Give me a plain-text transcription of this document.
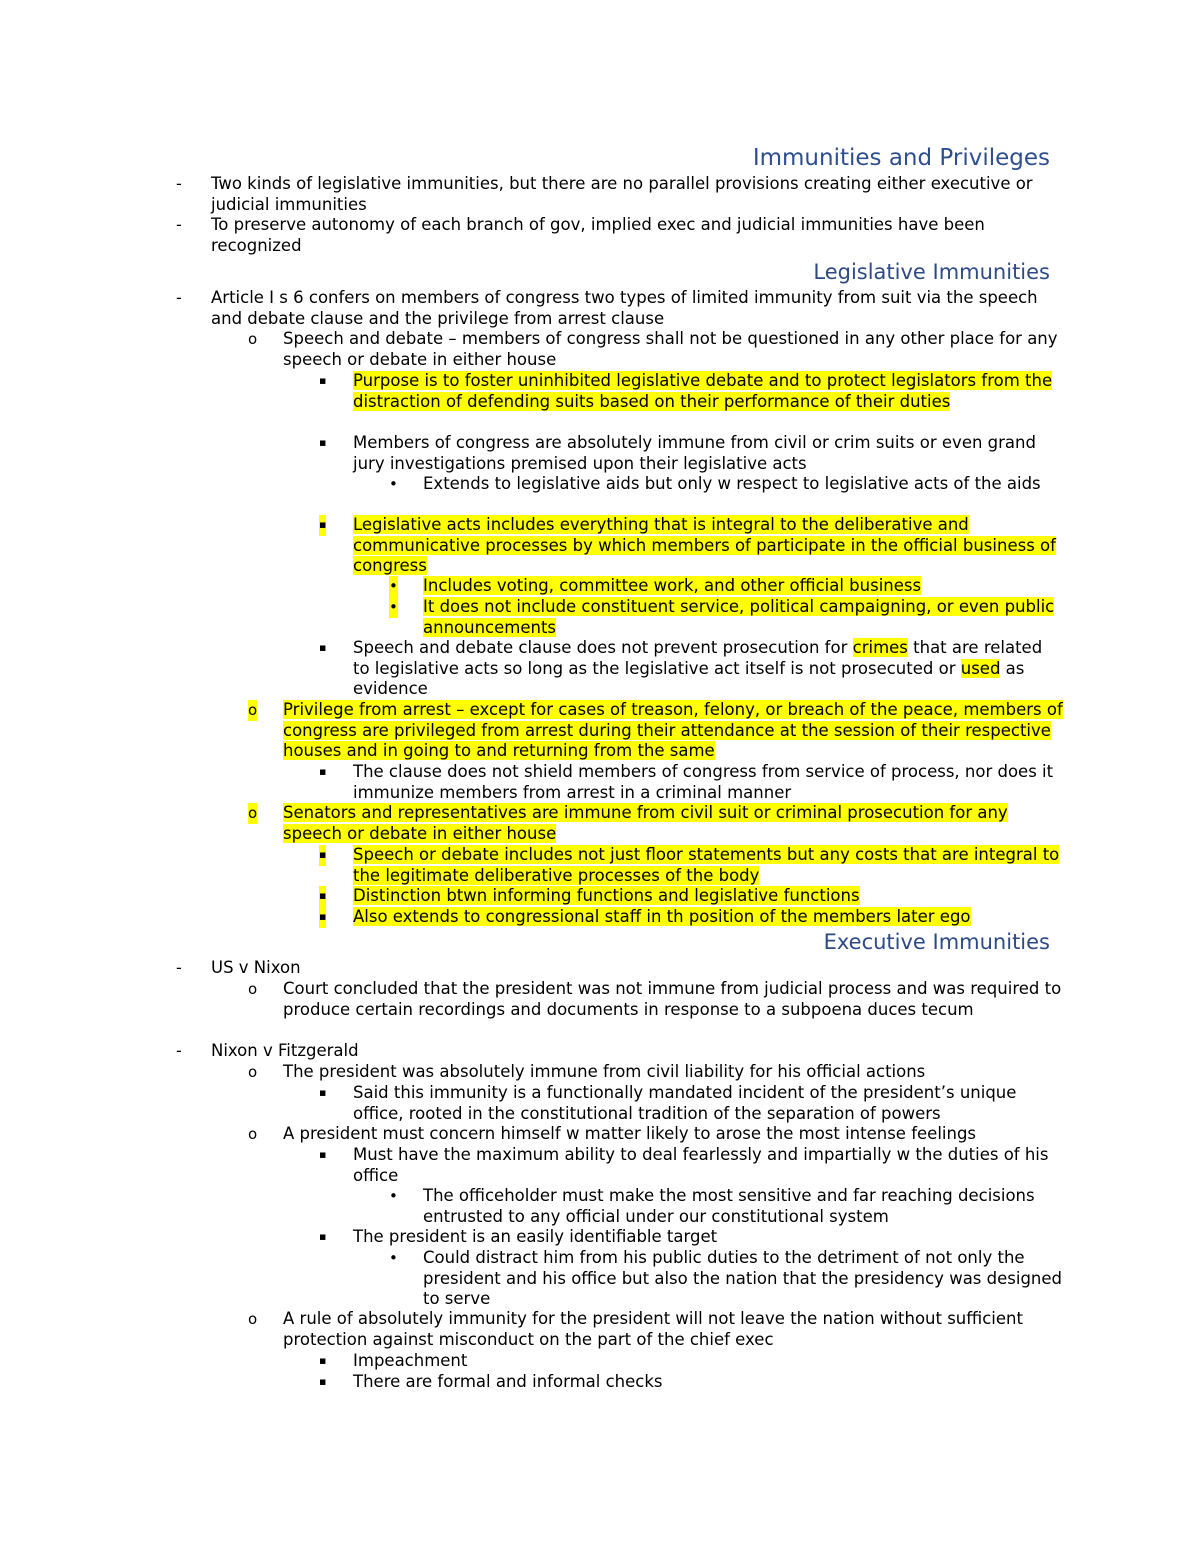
Immunities and Privileges
- Two kinds of legislative immunities, but there are no parallel provisions creating either executive or judicial immunities
- To preserve autonomy of each branch of gov, implied exec and judicial immunities have been recognized
Legislative Immunities
- Article I s 6 confers on members of congress two types of limited immunity from suit via the speech and debate clause and the privilege from arrest clause
o Speech and debate – members of congress shall not be questioned in any other place for any speech or debate in either house
▪ Purpose is to foster uninhibited legislative debate and to protect legislators from the distraction of defending suits based on their performance of their duties
▪ Members of congress are absolutely immune from civil or crim suits or even grand jury investigations premised upon their legislative acts
• Extends to legislative aids but only w respect to legislative acts of the aids
▪ Legislative acts includes everything that is integral to the deliberative and communicative processes by which members of participate in the official business of congress
• Includes voting, committee work, and other official business
• It does not include constituent service, political campaigning, or even public announcements
▪ Speech and debate clause does not prevent prosecution for crimes that are related to legislative acts so long as the legislative act itself is not prosecuted or used as evidence
o Privilege from arrest – except for cases of treason, felony, or breach of the peace, members of congress are privileged from arrest during their attendance at the session of their respective houses and in going to and returning from the same
▪ The clause does not shield members of congress from service of process, nor does it immunize members from arrest in a criminal manner
o Senators and representatives are immune from civil suit or criminal prosecution for any speech or debate in either house
▪ Speech or debate includes not just floor statements but any costs that are integral to the legitimate deliberative processes of the body
▪ Distinction btwn informing functions and legislative functions
▪ Also extends to congressional staff in th position of the members later ego
Executive Immunities
- US v Nixon
o Court concluded that the president was not immune from judicial process and was required to produce certain recordings and documents in response to a subpoena duces tecum
- Nixon v Fitzgerald
o The president was absolutely immune from civil liability for his official actions
▪ Said this immunity is a functionally mandated incident of the president’s unique office, rooted in the constitutional tradition of the separation of powers
o A president must concern himself w matter likely to arose the most intense feelings
▪ Must have the maximum ability to deal fearlessly and impartially w the duties of his office
• The officeholder must make the most sensitive and far reaching decisions entrusted to any official under our constitutional system
▪ The president is an easily identifiable target
• Could distract him from his public duties to the detriment of not only the president and his office but also the nation that the presidency was designed to serve
o A rule of absolutely immunity for the president will not leave the nation without sufficient protection against misconduct on the part of the chief exec
▪ Impeachment
▪ There are formal and informal checks
